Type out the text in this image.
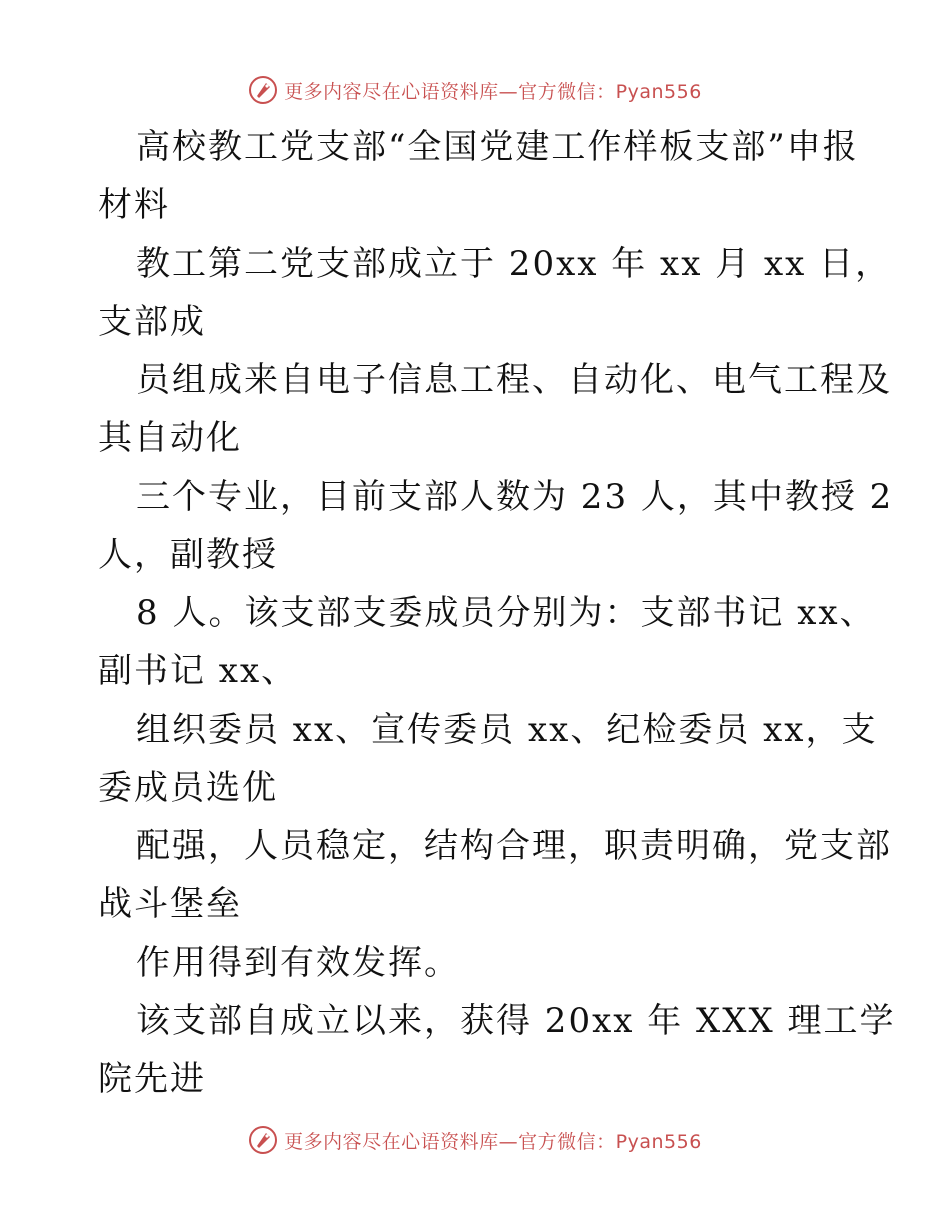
更多内容尽在心语资料库—官方微信：Pyan556
高校教工党支部“全国党建工作样板支部”申报
材料
教工第二党支部成立于 20xx 年 xx 月 xx 日，
支部成
员组成来自电子信息工程、自动化、电气工程及
其自动化
三个专业，目前支部人数为 23 人，其中教授 2
人，副教授
8 人。该支部支委成员分别为：支部书记 xx、
副书记 xx、
组织委员 xx、宣传委员 xx、纪检委员 xx，支
委成员选优
配强，人员稳定，结构合理，职责明确，党支部
战斗堡垒
作用得到有效发挥。
该支部自成立以来，获得 20xx 年 XXX 理工学
院先进
更多内容尽在心语资料库—官方微信：Pyan556
